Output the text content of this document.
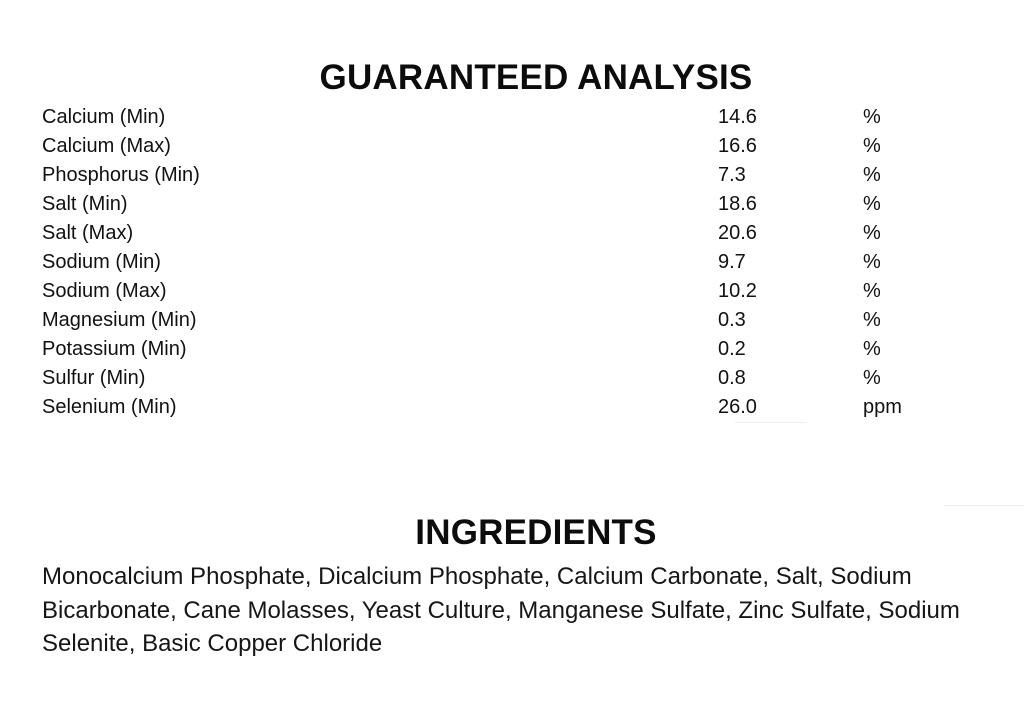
GUARANTEED ANALYSIS
Calcium (Min)	14.6	%
Calcium (Max)	16.6	%
Phosphorus (Min)	7.3	%
Salt (Min)	18.6	%
Salt (Max)	20.6	%
Sodium (Min)	9.7	%
Sodium (Max)	10.2	%
Magnesium (Min)	0.3	%
Potassium (Min)	0.2	%
Sulfur (Min)	0.8	%
Selenium (Min)	26.0	ppm
INGREDIENTS

Monocalcium Phosphate, Dicalcium Phosphate, Calcium Carbonate, Salt, Sodium Bicarbonate, Cane Molasses, Yeast Culture, Manganese Sulfate, Zinc Sulfate, Sodium Selenite, Basic Copper Chloride
